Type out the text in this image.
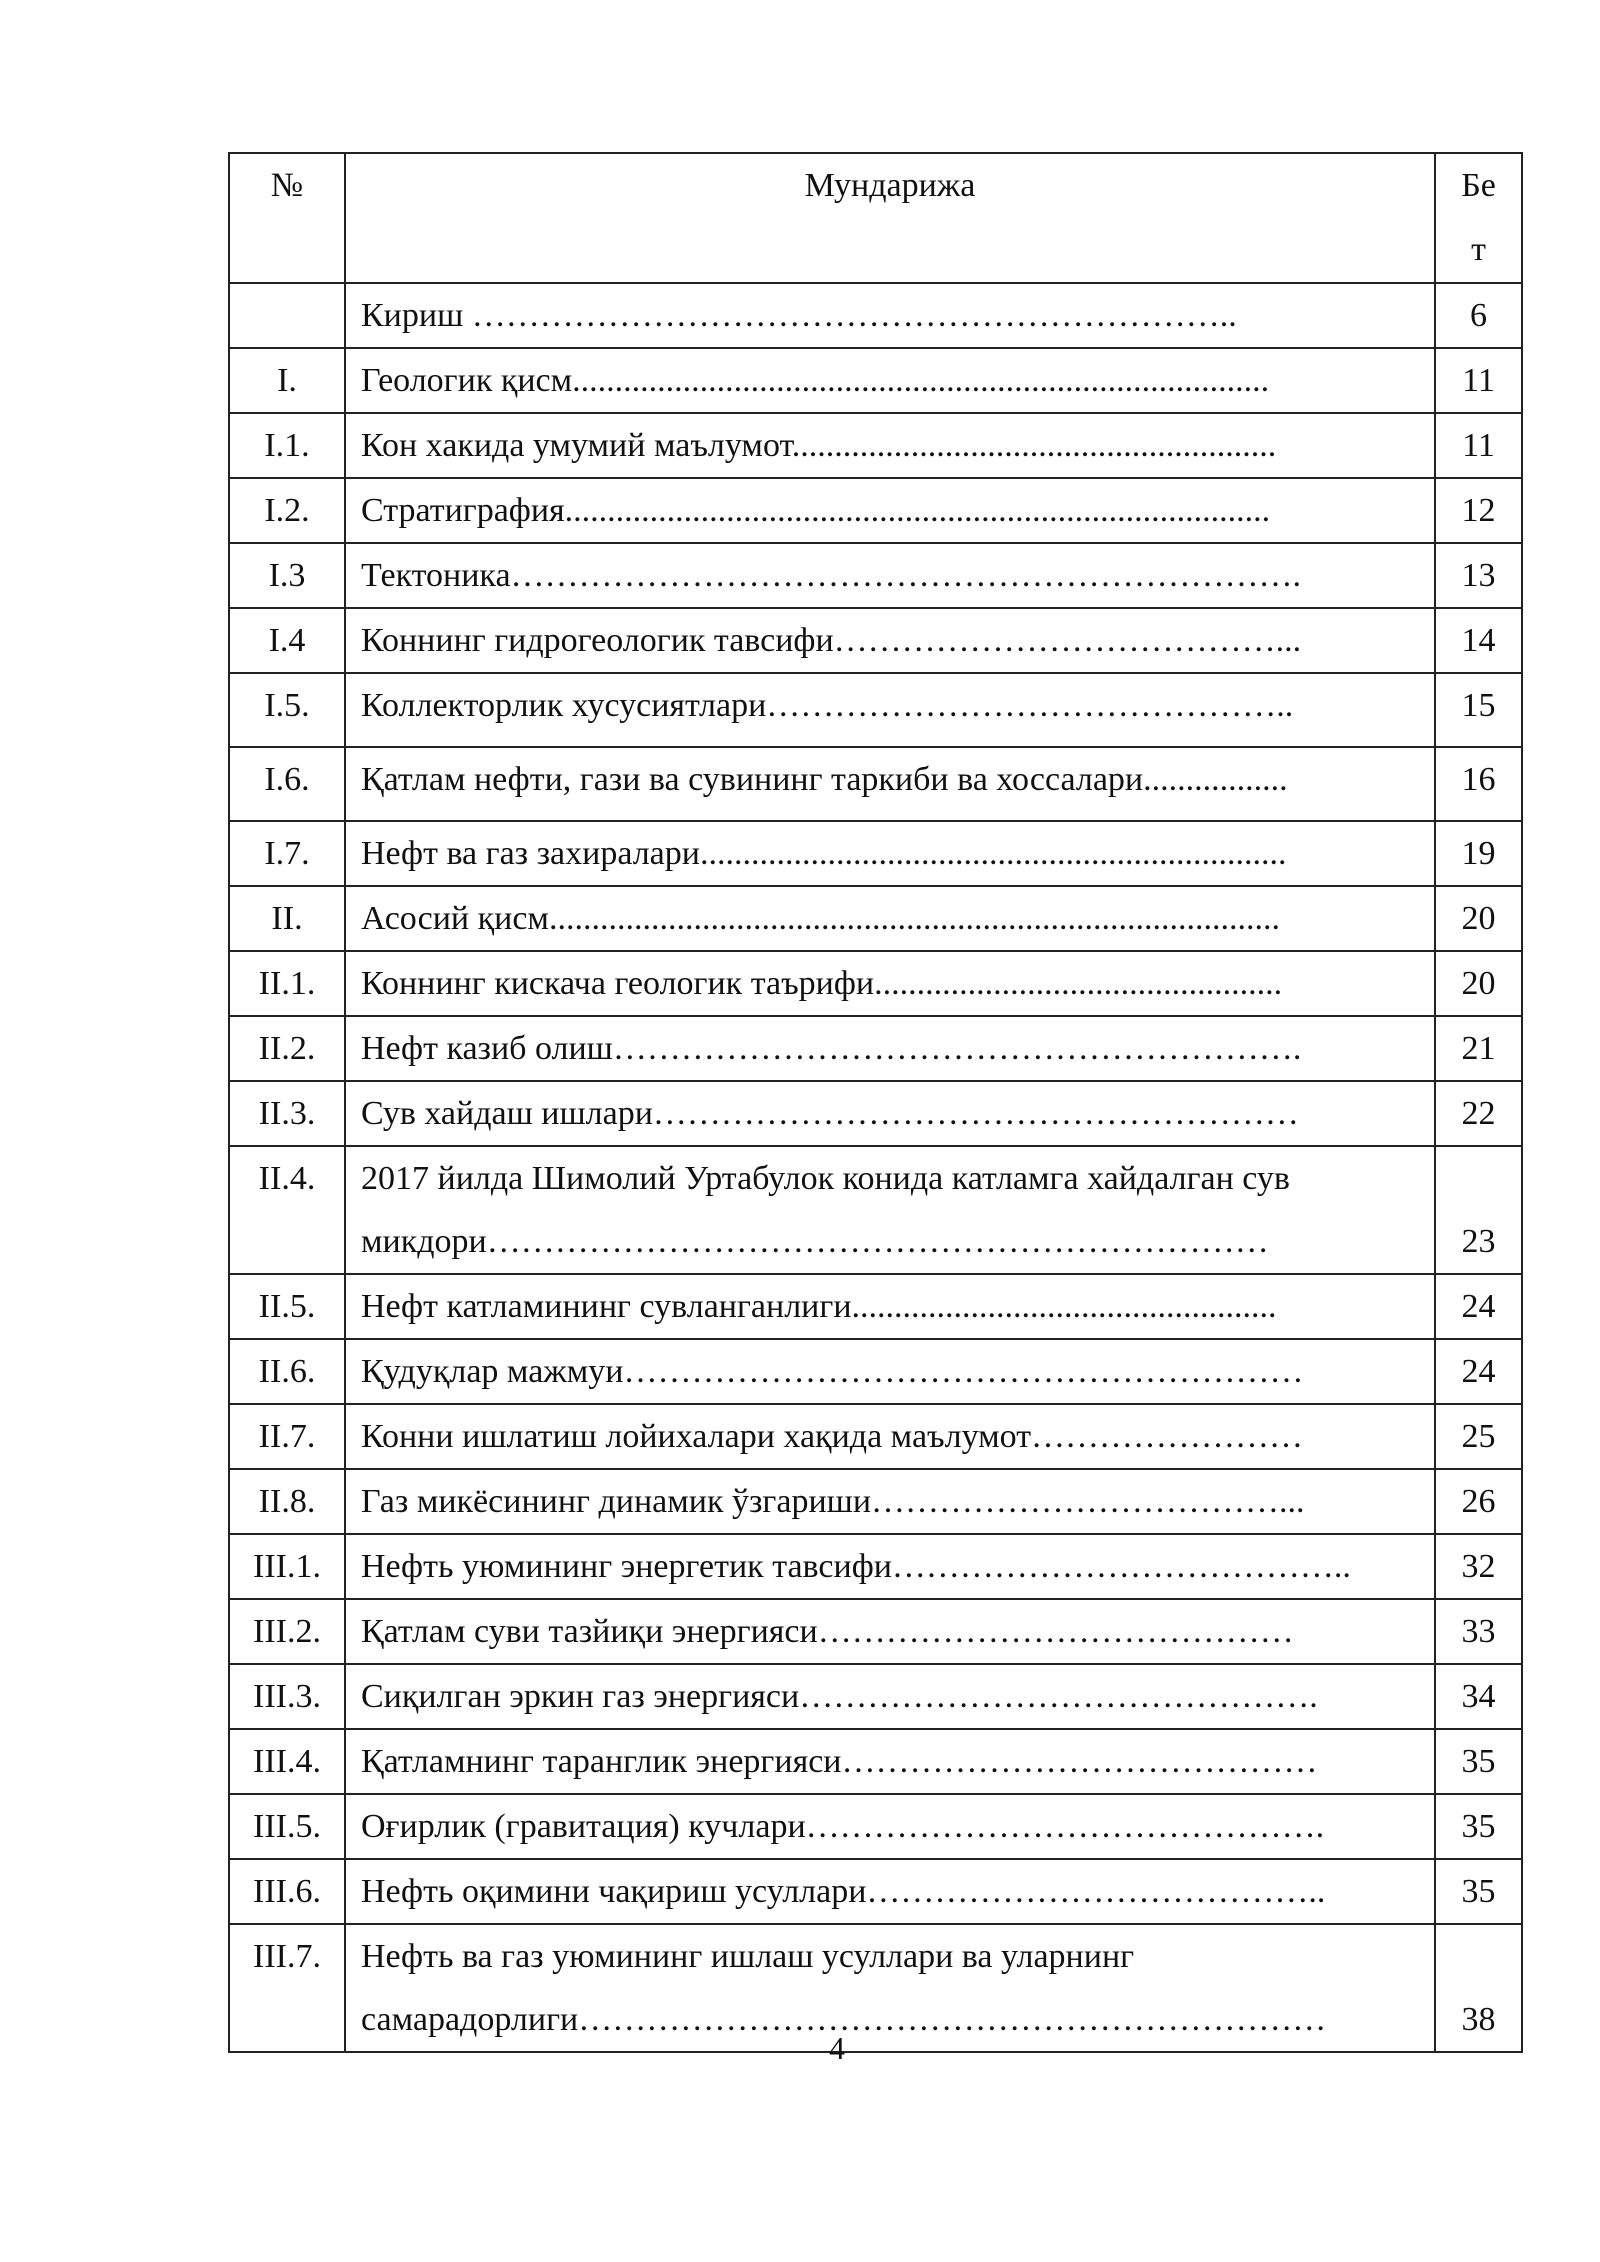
№	Мундарижа	Бе
т

	Кириш …………………………………………………………..	6
I.	Геологик қисм..................................................................................	11
I.1.	Кон хакида умумий маълумот.........................................................	11
I.2.	Стратиграфия...................................................................................	12
I.3	Тектоника…………………………………………………………….	13
I.4	Коннинг гидрогеологик тавсифи…………………………………...	14
I.5.	Коллекторлик хусусиятлари………………………………………..	15
I.6.	Қатлам нефти, гази ва сувининг таркиби ва хоссалари.................	16
I.7.	Нефт ва газ захиралари.....................................................................	19
II.	Асосий қисм......................................................................................	20
II.1.	Коннинг кискача геологик таърифи................................................	20
II.2.	Нефт казиб олиш…………………………………………………….	21
II.3.	Сув хайдаш ишлари…………………………………………………	22
II.4.	2017 йилда Шимолий Уртабулок конида катламга хайдалган сув
микдори……………………………………………………………	23
II.5.	Нефт катламининг сувланганлиги..................................................	24
II.6.	Қудуқлар мажмуи……………………………………………………	24
II.7.	Конни ишлатиш лойихалари хақида маълумот……………………	25
II.8.	Газ микёсининг динамик ўзгариши………………………………...	26
III.1.	Нефть уюмининг энергетик тавсифи…………………………………..	32
III.2.	Қатлам суви тазйиқи энергияси……………………………………	33
III.3.	Сиқилган эркин газ энергияси……………………………………….	34
III.4.	Қатламнинг таранглик энергияси……………………………………	35
III.5.	Оғирлик (гравитация) кучлари……………………………………….	35
III.6.	Нефть оқимини чақириш усуллари…………………………………..	35
III.7.	Нефть ва газ уюмининг ишлаш усуллари ва уларнинг
самарадорлиги…………………………………………………………	38
4
